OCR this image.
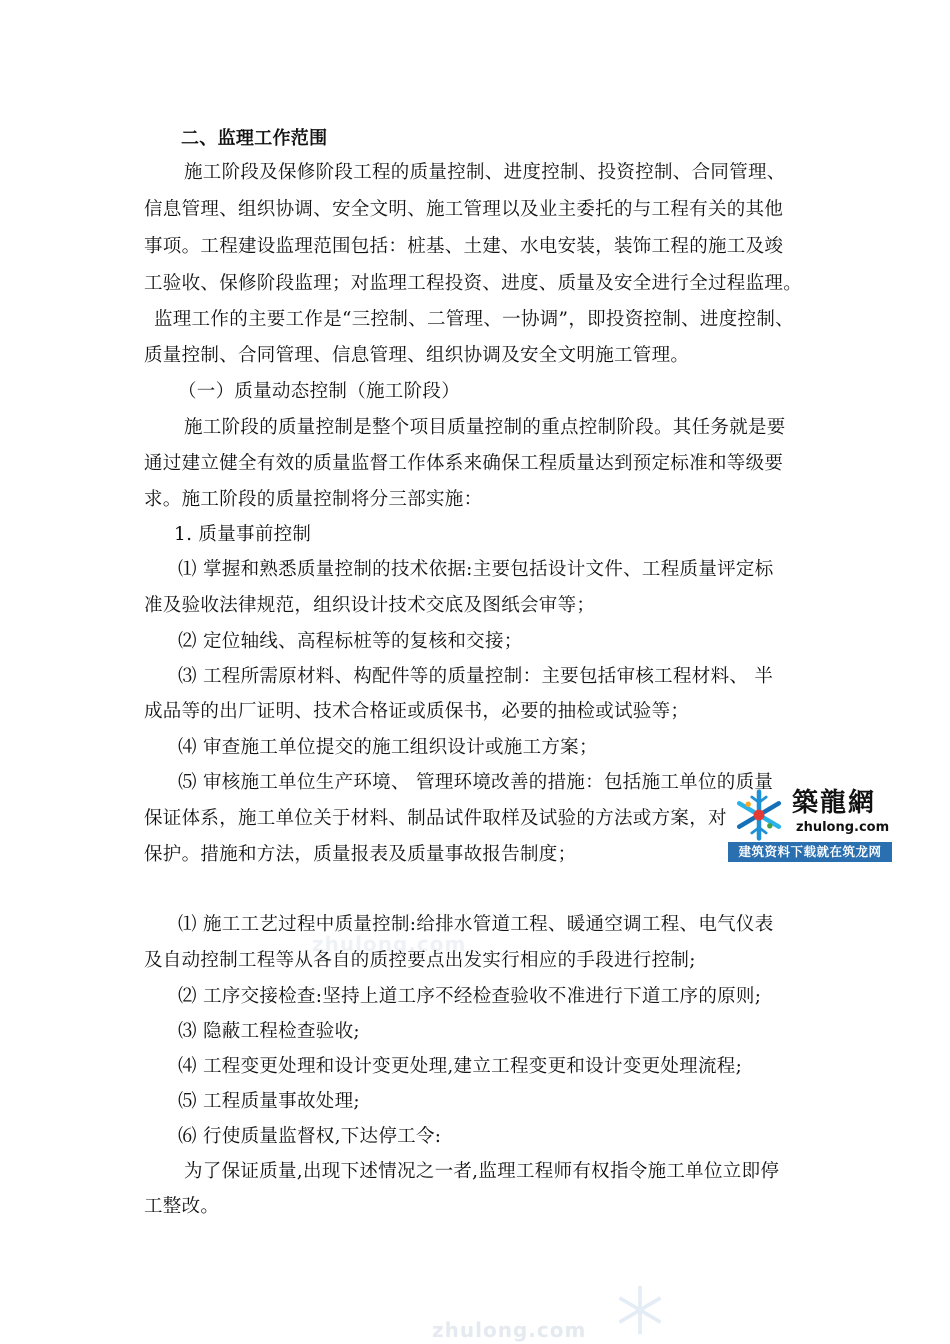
zhulong.com
zhulong.com
二、监理工作范围
施工阶段及保修阶段工程的质量控制、进度控制、投资控制、合同管理、
信息管理、组织协调、安全文明、施工管理以及业主委托的与工程有关的其他
事项。工程建设监理范围包括：桩基、土建、水电安装，装饰工程的施工及竣
工验收、保修阶段监理；对监理工程投资、进度、质量及安全进行全过程监理。
监理工作的主要工作是“三控制、二管理、一协调”，即投资控制、进度控制、
质量控制、合同管理、信息管理、组织协调及安全文明施工管理。
（一）质量动态控制（施工阶段）
施工阶段的质量控制是整个项目质量控制的重点控制阶段。其任务就是要
通过建立健全有效的质量监督工作体系来确保工程质量达到预定标准和等级要
求。施工阶段的质量控制将分三部实施：
1. 质量事前控制
⑴ 掌握和熟悉质量控制的技术依据:主要包括设计文件、工程质量评定标
准及验收法律规范，组织设计技术交底及图纸会审等；
⑵ 定位轴线、高程标桩等的复核和交接；
⑶ 工程所需原材料、构配件等的质量控制：主要包括审核工程材料、 半
成品等的出厂证明、技术合格证或质保书，必要的抽检或试验等；
⑷ 审查施工单位提交的施工组织设计或施工方案；
⑸ 审核施工单位生产环境、 管理环境改善的措施：包括施工单位的质量
保证体系，施工单位关于材料、制品试件取样及试验的方法或方案，对
保护。措施和方法，质量报表及质量事故报告制度；
⑴ 施工工艺过程中质量控制:给排水管道工程、暖通空调工程、电气仪表
及自动控制工程等从各自的质控要点出发实行相应的手段进行控制;
⑵ 工序交接检查:坚持上道工序不经检查验收不准进行下道工序的原则;
⑶ 隐蔽工程检查验收;
⑷ 工程变更处理和设计变更处理,建立工程变更和设计变更处理流程;
⑸ 工程质量事故处理;
⑹ 行使质量监督权,下达停工令:
为了保证质量,出现下述情况之一者,监理工程师有权指令施工单位立即停
工整改。
築龍網
zhulong.com
建筑资料下载就在筑龙网
